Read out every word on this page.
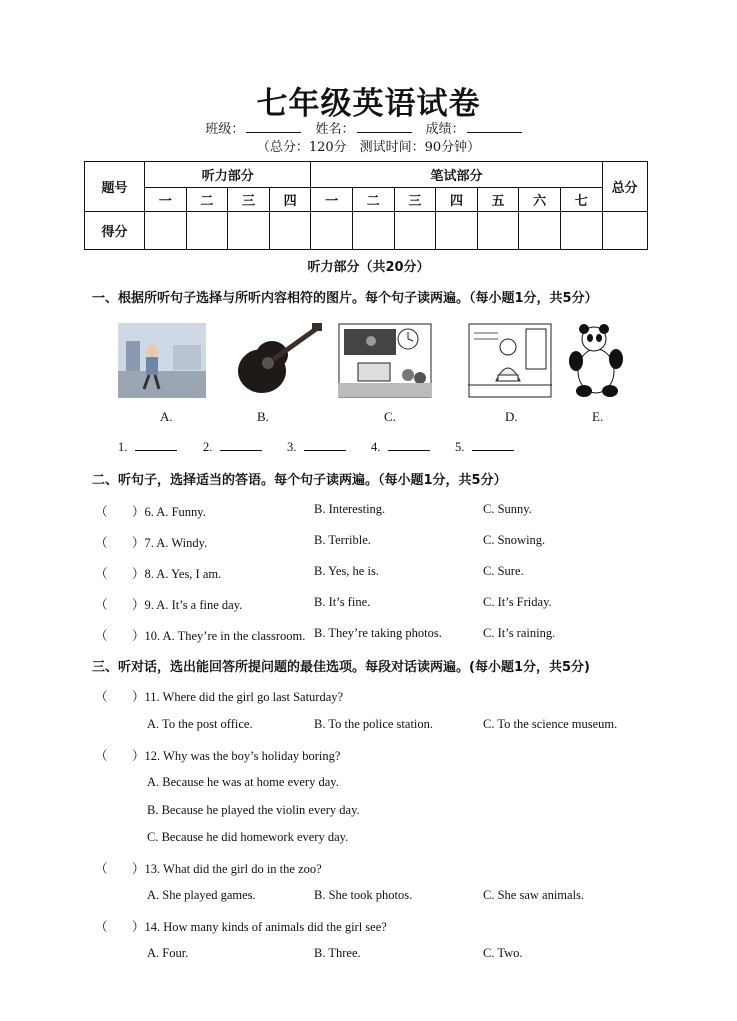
七年级英语试卷
班级：	姓名：	成绩：
（总分：120分　测试时间：90分钟）
题号	听力部分				笔试部分							总分
	一	二	三	四	一	二	三	四	五	六	七	
得分												
听力部分（共20分）
一、根据所听句子选择与所听内容相符的图片。每个句子读两遍。（每小题1分，共5分）
A.	B.	C.	D.	E.
1.	2.	3.	4.	5.
二、听句子，选择适当的答语。每个句子读两遍。（每小题1分，共5分）
（ ）6. A. Funny.	B. Interesting.	C. Sunny.
（ ）7. A. Windy.	B. Terrible.	C. Snowing.
（ ）8. A. Yes, I am.	B. Yes, he is.	C. Sure.
（ ）9. A. It’s a fine day.	B. It’s fine.	C. It’s Friday.
（ ）10. A. They’re in the classroom. B. They’re taking photos.	C. It’s raining.
三、听对话，选出能回答所提问题的最佳选项。每段对话读两遍。(每小题1分，共5分)
（ ）11. Where did the girl go last Saturday?
A. To the post office.	B. To the police station.	C. To the science museum.
（ ）12. Why was the boy’s holiday boring?
A. Because he was at home every day.
B. Because he played the violin every day.
C. Because he did homework every day.
（ ）13. What did the girl do in the zoo?
A. She played games.	B. She took photos.	C. She saw animals.
（ ）14. How many kinds of animals did the girl see?
A. Four.	B. Three.	C. Two.
